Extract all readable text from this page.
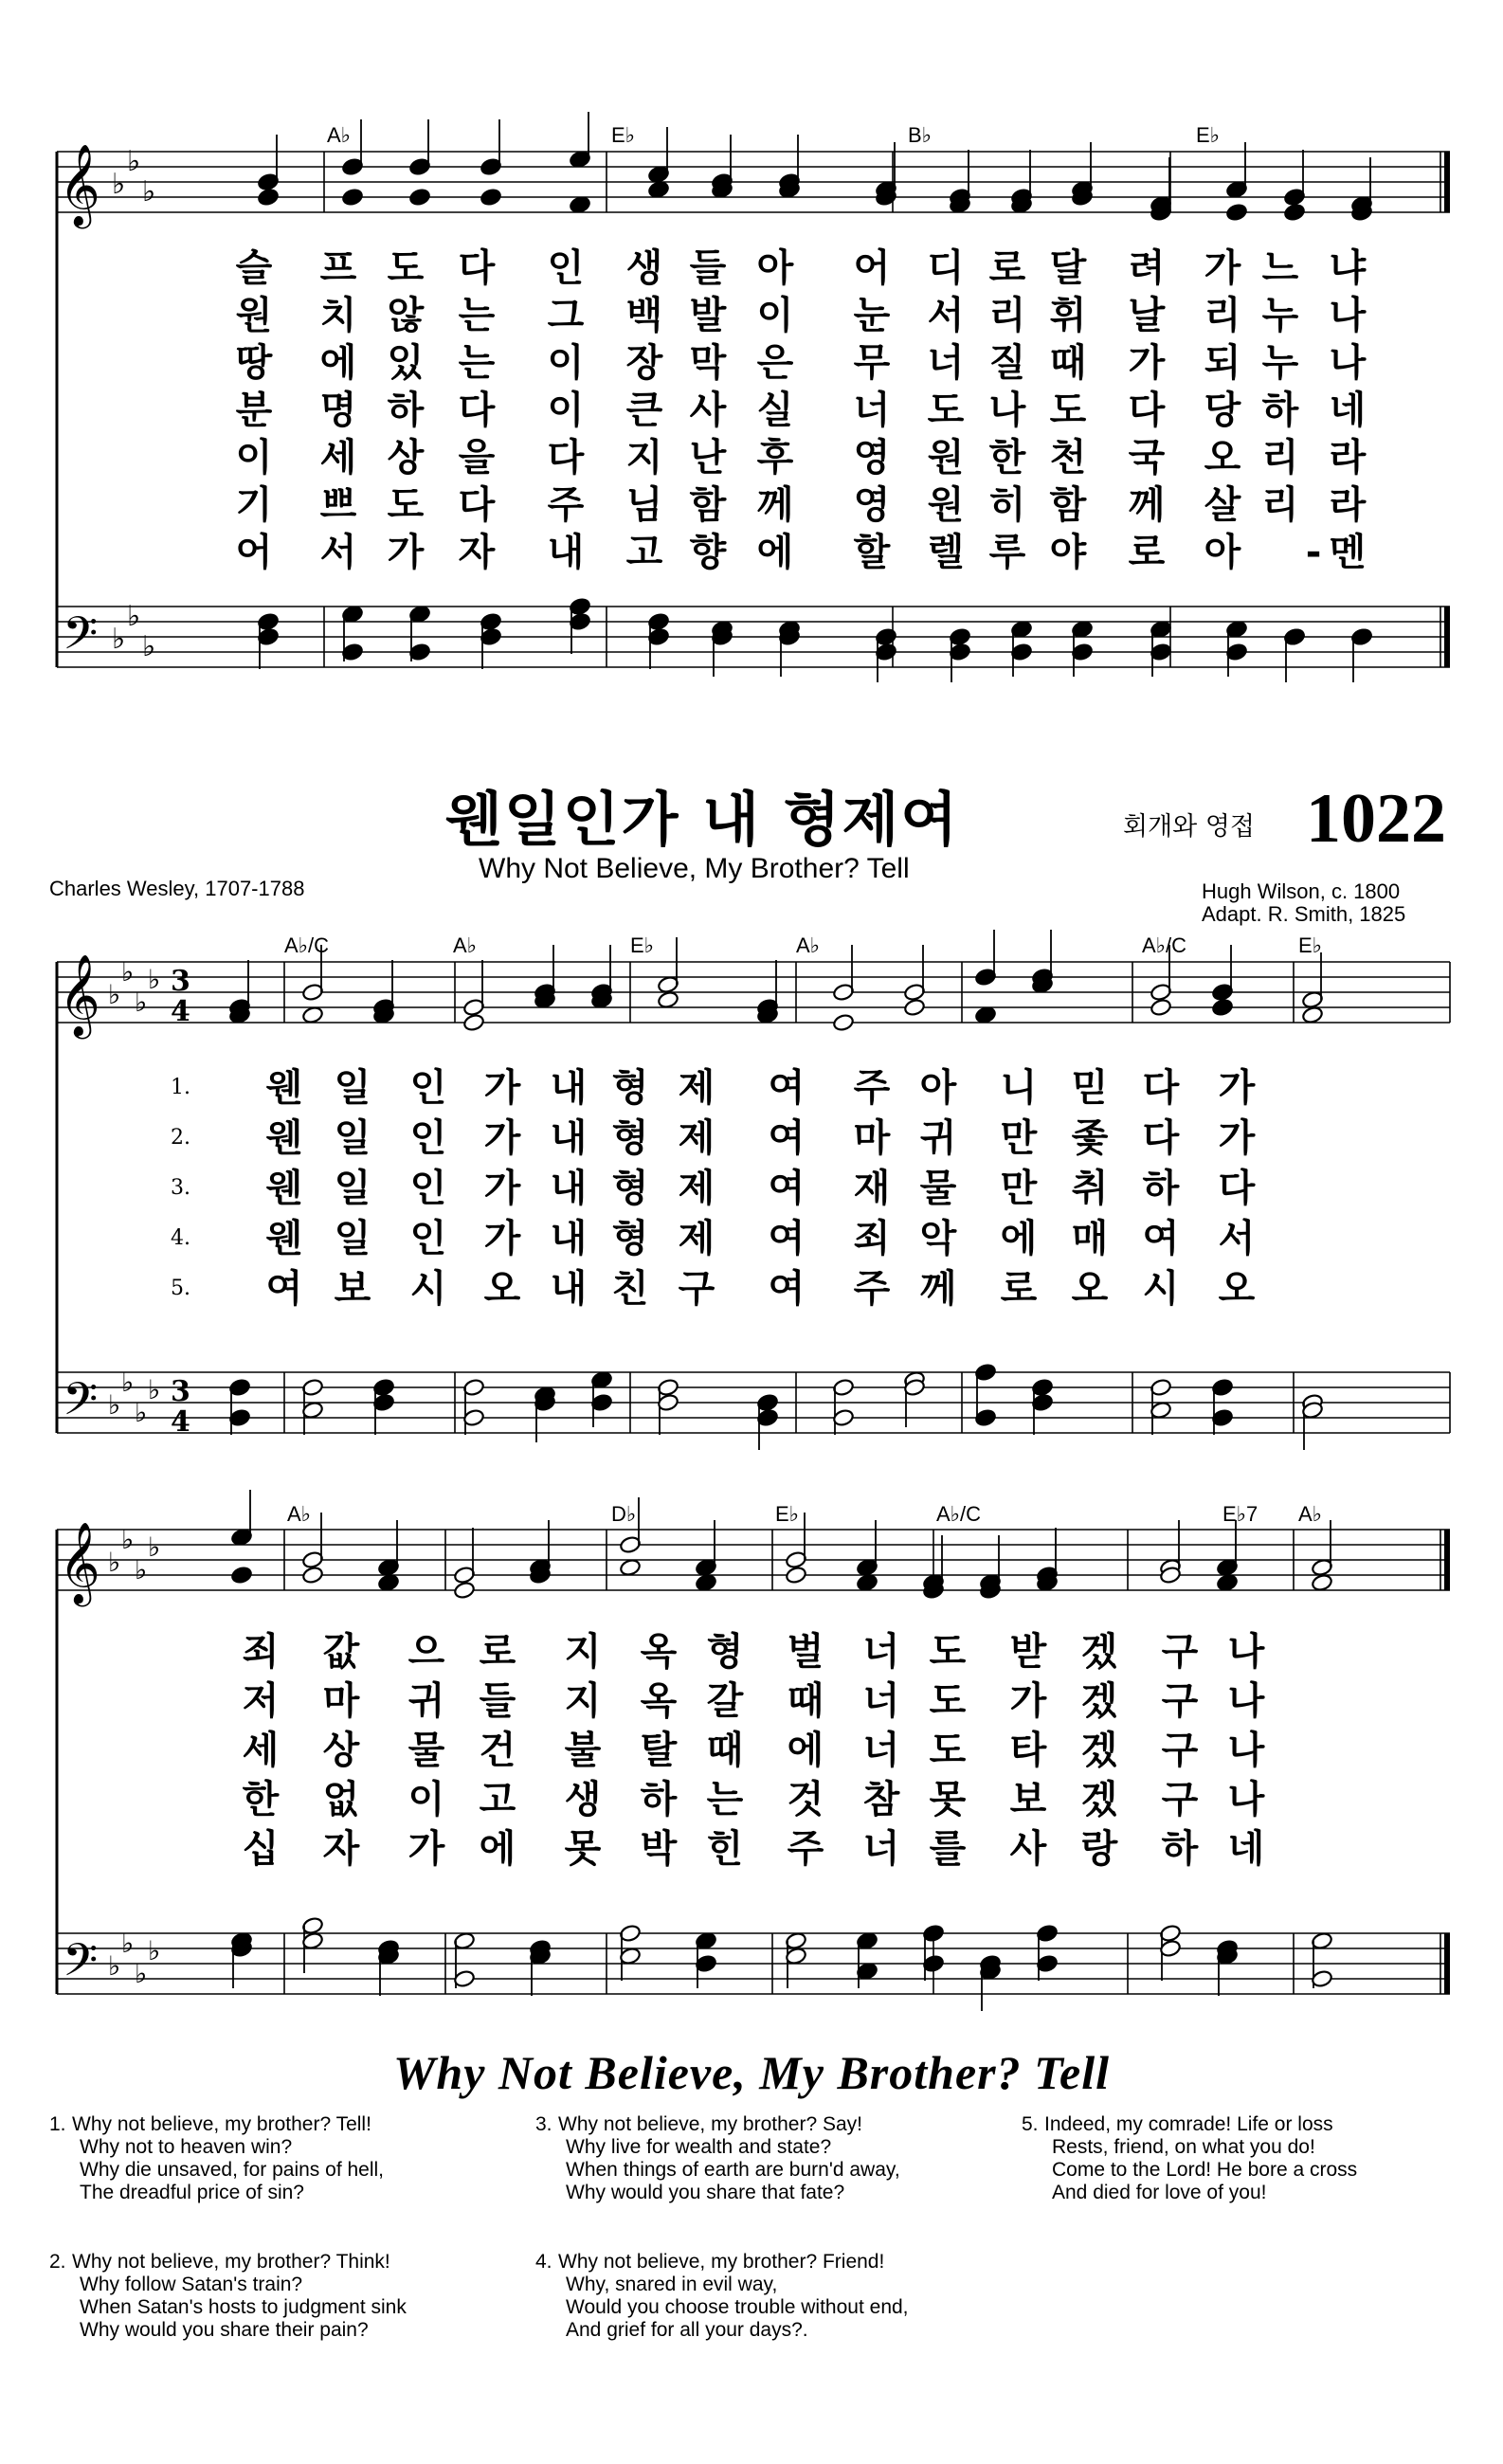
𝄞
𝄢
♭
♭
♭
♭
♭
♭
A♭	E♭	B♭	E♭
슬 프 도 다 인 생 들 아 어 디 로 달 려 가 느 냐
원 치 않 는 그 백 발 이 눈 서 리 휘 날 리 누 나
땅 에 있 는 이 장 막 은 무 너 질 때 가 되 누 나
분 명 하 다 이 큰 사 실 너 도 나 도 다 당 하 네
이 세 상 을 다 지 난 후 영 원 한 천 국 오 리 라
기 쁘 도 다 주 님 함 께 영 원 히 함 께 살 리 라
어 서 가 자 내 고 향 에 할 렐 루 야 로 아 멘
-
웬일인가 내 형제여
Why Not Believe, My Brother? Tell
회개와 영접 1022
Charles Wesley, 1707-1788	Hugh Wilson, c. 1800
Adapt. R. Smith, 1825
𝄞
𝄢
♭
♭
♭
♭
♭
♭
♭
♭
3
4
3
4
A♭/C	A♭	E♭	A♭	A♭/C	E♭
1. 웬 일 인 가 내 형 제 여 주 아 니 믿 다 가
2. 웬 일 인 가 내 형 제 여 마 귀 만 좇 다 가
3. 웬 일 인 가 내 형 제 여 재 물 만 취 하 다
4. 웬 일 인 가 내 형 제 여 죄 악 에 매 여 서
5. 여 보 시 오 내 친 구 여 주 께 로 오 시 오
𝄞
𝄢
♭
♭
♭
♭
♭
♭
♭
♭
A♭	D♭	E♭	A♭/C	E♭7 A♭
죄 값 으 로 지 옥 형 벌 너 도 받 겠 구 나
저 마 귀 들 지 옥 갈 때 너 도 가 겠 구 나
세 상 물 건 불 탈 때 에 너 도 타 겠 구 나
한 없 이 고 생 하 는 것 참 못 보 겠 구 나
십 자 가 에 못 박 힌 주 너 를 사 랑 하 네
Why Not Believe, My Brother? Tell
1. Why not believe, my brother? Tell!
Why not to heaven win?
Why die unsaved, for pains of hell,
The dreadful price of sin?
2. Why not believe, my brother? Think!
Why follow Satan's train?
When Satan's hosts to judgment sink
Why would you share their pain?
3. Why not believe, my brother? Say!
Why live for wealth and state?
When things of earth are burn'd away,
Why would you share that fate?
4. Why not believe, my brother? Friend!
Why, snared in evil way,
Would you choose trouble without end,
And grief for all your days?.
5. Indeed, my comrade! Life or loss
Rests, friend, on what you do!
Come to the Lord! He bore a cross
And died for love of you!
